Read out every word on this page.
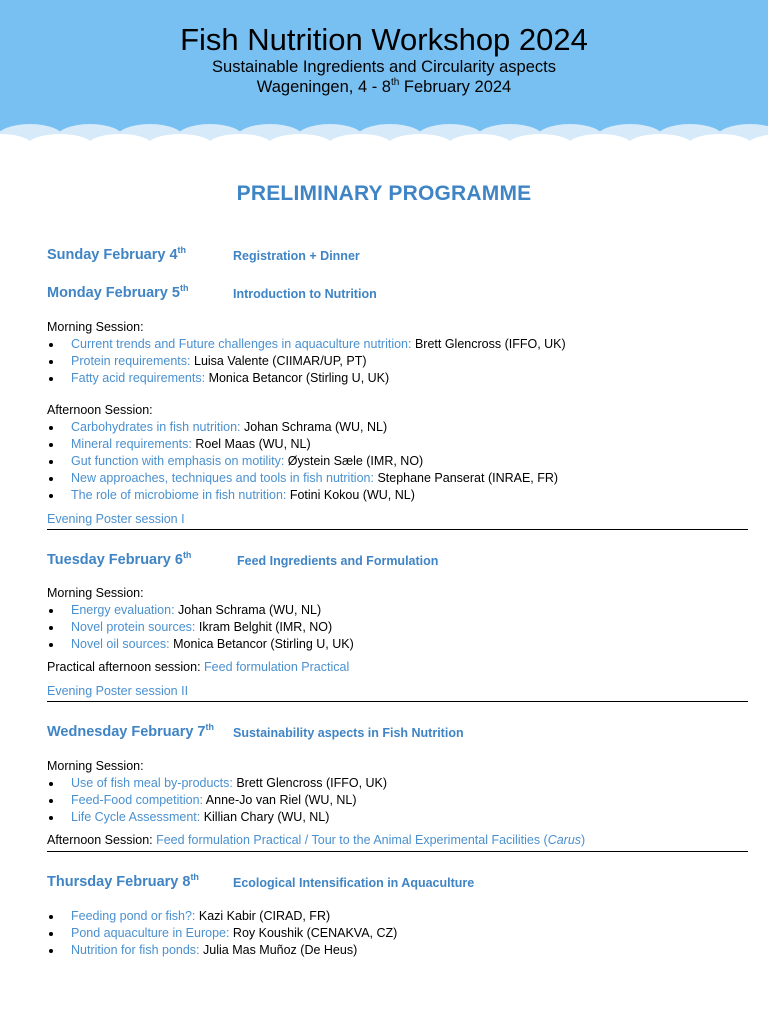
Fish Nutrition Workshop 2024
Sustainable Ingredients and Circularity aspects
Wageningen, 4 - 8th February 2024
PRELIMINARY PROGRAMME
Sunday February 4th	Registration + Dinner
Monday February 5th	Introduction to Nutrition
Morning Session:
Current trends and Future challenges in aquaculture nutrition: Brett Glencross (IFFO, UK)
Protein requirements: Luisa Valente (CIIMAR/UP, PT)
Fatty acid requirements: Monica Betancor (Stirling U, UK)
Afternoon Session:
Carbohydrates in fish nutrition: Johan Schrama (WU, NL)
Mineral requirements: Roel Maas (WU, NL)
Gut function with emphasis on motility: Øystein Sæle (IMR, NO)
New approaches, techniques and tools in fish nutrition: Stephane Panserat (INRAE, FR)
The role of microbiome in fish nutrition: Fotini Kokou (WU, NL)
Evening Poster session I
Tuesday February 6th	Feed Ingredients and Formulation
Morning Session:
Energy evaluation: Johan Schrama (WU, NL)
Novel protein sources: Ikram Belghit (IMR, NO)
Novel oil sources: Monica Betancor (Stirling U, UK)
Practical afternoon session: Feed formulation Practical
Evening Poster session II
Wednesday February 7th Sustainability aspects in Fish Nutrition
Morning Session:
Use of fish meal by-products: Brett Glencross (IFFO, UK)
Feed-Food competition: Anne-Jo van Riel (WU, NL)
Life Cycle Assessment: Killian Chary (WU, NL)
Afternoon Session: Feed formulation Practical / Tour to the Animal Experimental Facilities (Carus)
Thursday February 8th	Ecological Intensification in Aquaculture
Feeding pond or fish?: Kazi Kabir (CIRAD, FR)
Pond aquaculture in Europe: Roy Koushik (CENAKVA, CZ)
Nutrition for fish ponds: Julia Mas Muñoz (De Heus)
